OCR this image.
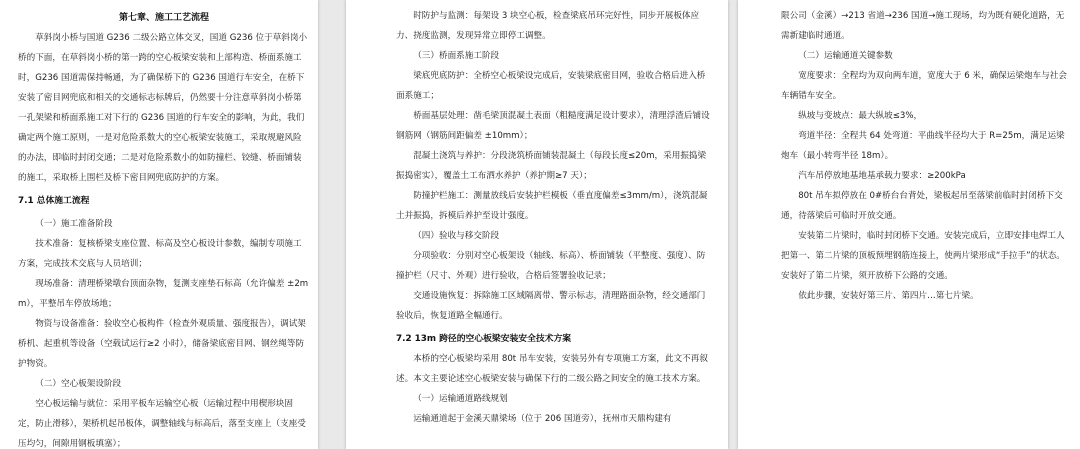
第七章、施工工艺流程

草斜岗小桥与国道 G236 二级公路立体交叉，国道 G236 位于草斜岗小桥的下面，在草斜岗小桥的第一跨的空心板梁安装和上部构造、桥面系施工时，G236 国道需保持畅通，为了确保桥下的 G236 国道行车安全，在桥下安装了密目网兜底和相关的交通标志标牌后，仍然要十分注意草斜岗小桥第一孔架梁和桥面系施工对下行的 G236 国道的行车安全的影响，为此，我们确定两个施工原则，一是对危险系数大的空心板梁安装施工，采取规避风险的办法，即临时封闭交通；二是对危险系数小的如防撞栏、铰缝、桥面铺装的施工，采取桥上围栏及桥下密目网兜底防护的方案。

7.1 总体施工流程

（一）施工准备阶段

技术准备：复核桥梁支座位置、标高及空心板设计参数，编制专项施工方案，完成技术交底与人员培训；

现场准备：清理桥梁墩台顶面杂物，复测支座垫石标高（允许偏差 ±2mm），平整吊车停放场地；

物资与设备准备：验收空心板构件（检查外观质量、强度报告），调试架桥机、起重机等设备（空载试运行≥2 小时），储备梁底密目网、钢丝绳等防护物资。

（二）空心板架设阶段

空心板运输与就位：采用平板车运输空心板（运输过程中用楔形块固定，防止滑移），架桥机起吊板体，调整轴线与标高后，落至支座上（支座受压均匀，间隙用钢板填塞）；

时防护与监测：每架设 3 块空心板，检查梁底吊环完好性，同步开展板体应力、挠度监测，发现异常立即停工调整。

（三）桥面系施工阶段

梁底兜底防护：全桥空心板梁设完成后，安装梁底密目网，验收合格后进入桥面系施工；

桥面基层处理：凿毛梁顶混凝土表面（粗糙度满足设计要求），清理浮渣后铺设钢筋网（钢筋间距偏差 ±10mm）；

混凝土浇筑与养护：分段浇筑桥面铺装混凝土（每段长度≤20m，采用振捣梁振捣密实），覆盖土工布洒水养护（养护期≥7 天）；

防撞护栏施工：测量放线后安装护栏模板（垂直度偏差≤3mm/m），浇筑混凝土并振捣，拆模后养护至设计强度。

（四）验收与移交阶段

分项验收：分别对空心板架设（轴线、标高）、桥面铺装（平整度、强度）、防撞护栏（尺寸、外观）进行验收，合格后签署验收记录；

交通设施恢复：拆除施工区域隔离带、警示标志，清理路面杂物，经交通部门验收后，恢复道路全幅通行。

7.2 13m 跨径的空心板梁安装安全技术方案

本桥的空心板梁均采用 80t 吊车安装，安装另外有专项施工方案，此文不再叙述。本文主要论述空心板梁安装与确保下行的二级公路之间安全的施工技术方案。

（一）运输通道路线规划

运输通道起于金溪天鼎梁场（位于 206 国道旁），抚州市天鼎构建有

限公司（金溪）→213 省道→236 国道→施工现场，均为既有硬化道路，无需新建临时通道。

（二）运输通道关键参数

宽度要求：全程均为双向两车道，宽度大于 6 米，确保运梁炮车与社会车辆错车安全。

纵坡与变坡点：最大纵坡≤3%，

弯道半径：全程共 64 处弯道：平曲线半径均大于 R=25m，满足运梁炮车（最小转弯半径 18m）。

汽车吊停放地基地基承载力要求：≥200kPa

80t 吊车拟停放在 0#桥台台背处，梁板起吊至落梁前临时封闭桥下交通，待落梁后可临时开放交通。

安装第二片梁时，临时封闭桥下交通。安装完成后，立即安排电焊工人把第一、第二片梁的顶板预埋钢筋连接上，使两片梁形成“手拉手”的状态。安装好了第二片梁，须开放桥下公路的交通。

依此步骤，安装好第三片、第四片…第七片梁。
